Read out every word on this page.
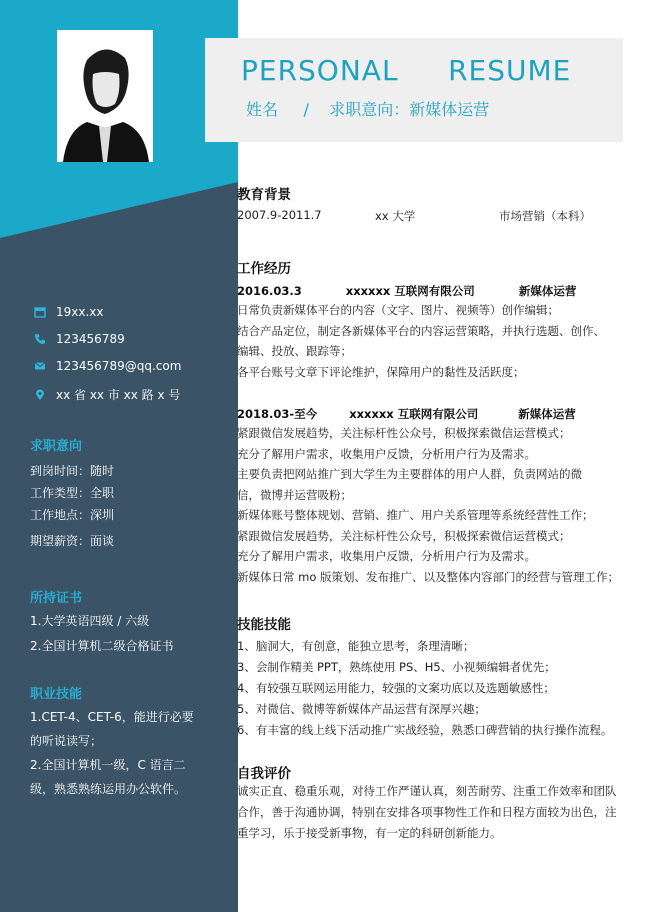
PERSONAL RESUME
姓名 / 求职意向：新媒体运营
19xx.xx
123456789
123456789@qq.com
xx 省 xx 市 xx 路 x 号
求职意向
到岗时间：随时
工作类型：全职
工作地点：深圳
期望薪资：面谈
所持证书
1.大学英语四级 / 六级
2.全国计算机二级合格证书
职业技能
1.CET-4、CET-6，能进行必要
的听说读写；
2.全国计算机一级，C 语言二
级，熟悉熟练运用办公软件。
教育背景
2007.9-2011.7	xx 大学	市场营销（本科）
工作经历
2016.03.3	xxxxxx 互联网有限公司	新媒体运营
日常负责新媒体平台的内容（文字、图片、视频等）创作编辑；
结合产品定位，制定各新媒体平台的内容运营策略，并执行选题、创作、
编辑、投放、跟踪等；
各平台账号文章下评论维护，保障用户的黏性及活跃度；
2018.03-至今	xxxxxx 互联网有限公司	新媒体运营
紧跟微信发展趋势，关注标杆性公众号，积极探索微信运营模式；
充分了解用户需求，收集用户反馈，分析用户行为及需求。
主要负责把网站推广到大学生为主要群体的用户人群，负责网站的微
信，微博并运营吸粉；
新媒体账号整体规划、营销、推广、用户关系管理等系统经营性工作；
紧跟微信发展趋势，关注标杆性公众号，积极探索微信运营模式；
充分了解用户需求，收集用户反馈，分析用户行为及需求。
新媒体日常 mo 版策划、发布推广、以及整体内容部门的经营与管理工作；
技能技能
1、脑洞大，有创意，能独立思考，条理清晰；
3、会制作精美 PPT，熟练使用 PS、H5、小视频编辑者优先；
4、有较强互联网运用能力，较强的文案功底以及选题敏感性；
5、对微信、微博等新媒体产品运营有深厚兴趣；
6、有丰富的线上线下活动推广实战经验，熟悉口碑营销的执行操作流程。
自我评价
诚实正直、稳重乐观，对待工作严谨认真，刻苦耐劳、注重工作效率和团队
合作，善于沟通协调，特别在安排各项事物性工作和日程方面较为出色，注
重学习，乐于接受新事物，有一定的科研创新能力。
